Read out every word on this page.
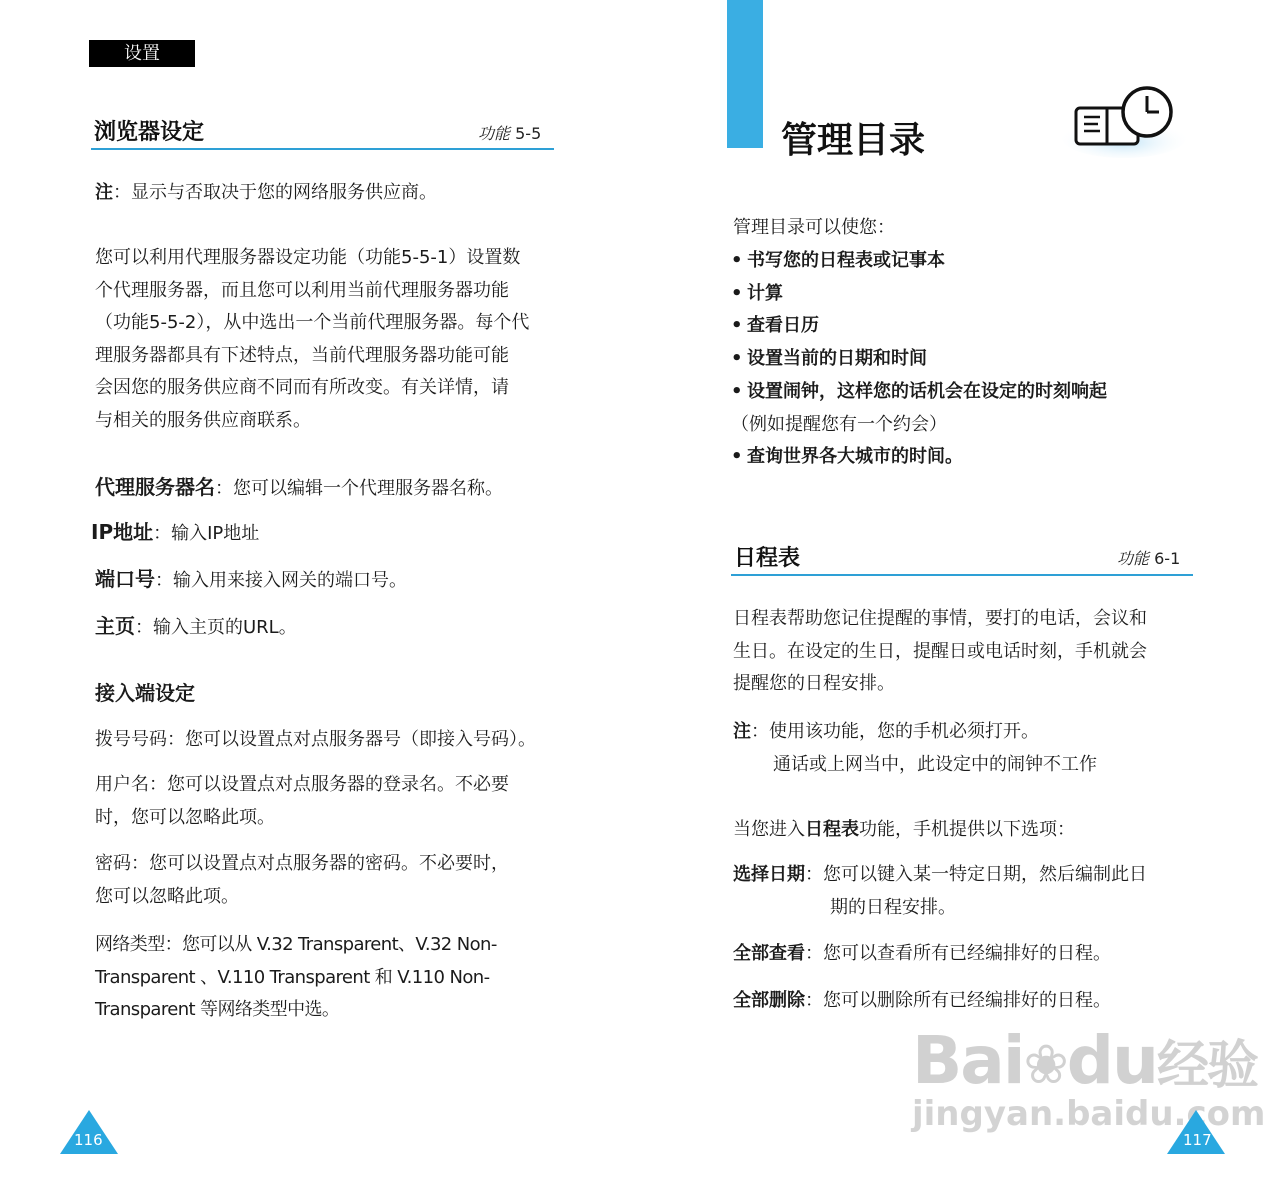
设置
浏览器设定	功能 5-5
注：显示与否取决于您的网络服务供应商。
您可以利用代理服务器设定功能（功能5-5-1）设置数
个代理服务器，而且您可以利用当前代理服务器功能
（功能5-5-2），从中选出一个当前代理服务器。每个代
理服务器都具有下述特点，当前代理服务器功能可能
会因您的服务供应商不同而有所改变。有关详情，请
与相关的服务供应商联系。
代理服务器名：您可以编辑一个代理服务器名称。
IP地址：输入IP地址
端口号：输入用来接入网关的端口号。
主页：输入主页的URL。
接入端设定
拨号号码：您可以设置点对点服务器号（即接入号码）。
用户名：您可以设置点对点服务器的登录名。不必要
时，您可以忽略此项。
密码：您可以设置点对点服务器的密码。不必要时，
您可以忽略此项。
网络类型：您可以从 V.32 Transparent、V.32 Non-
Transparent 、V.110 Transparent 和 V.110 Non-
Transparent 等网络类型中选。
116
管理目录
管理目录可以使您：
• 书写您的日程表或记事本
• 计算
• 查看日历
• 设置当前的日期和时间
• 设置闹钟，这样您的话机会在设定的时刻响起
（例如提醒您有一个约会）
• 查询世界各大城市的时间。
日程表	功能 6-1
日程表帮助您记住提醒的事情，要打的电话，会议和
生日。在设定的生日，提醒日或电话时刻，手机就会
提醒您的日程安排。
注：使用该功能，您的手机必须打开。
通话或上网当中，此设定中的闹钟不工作
当您进入日程表功能，手机提供以下选项：
选择日期：您可以键入某一特定日期，然后编制此日
期的日程安排。
全部查看：您可以查看所有已经编排好的日程。
全部删除：您可以删除所有已经编排好的日程。
Bai❀du经验
jingyan.baidu.com
117
